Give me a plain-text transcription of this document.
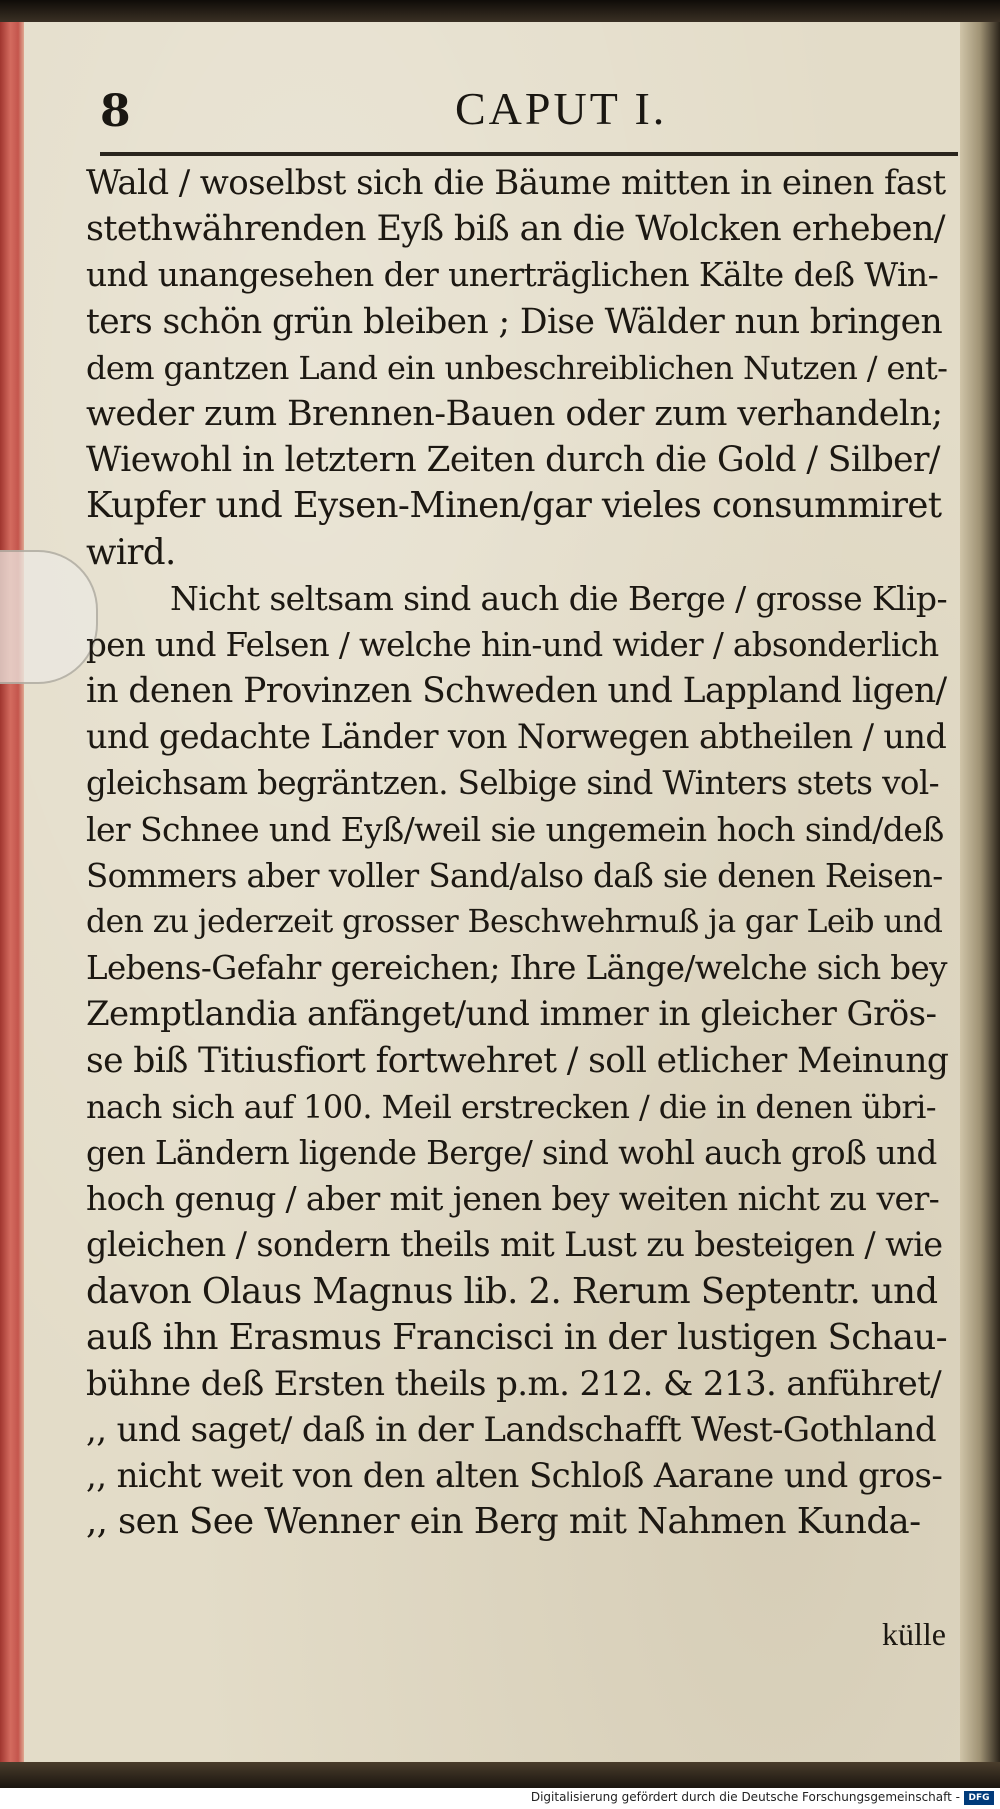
8	CAPUT I.
Wald / woselbst sich die Bäume mitten in einen fast
stethwährenden Eyß biß an die Wolcken erheben/
und unangesehen der unerträglichen Kälte deß Win-
ters schön grün bleiben ; Dise Wälder nun bringen
dem gantzen Land ein unbeschreiblichen Nutzen / ent-
weder zum Brennen-Bauen oder zum verhandeln;
Wiewohl in letztern Zeiten durch die Gold / Silber/
Kupfer und Eysen-Minen/gar vieles consummiret
wird.
Nicht seltsam sind auch die Berge / grosse Klip-
pen und Felsen / welche hin-und wider / absonderlich
in denen Provinzen Schweden und Lappland ligen/
und gedachte Länder von Norwegen abtheilen / und
gleichsam begräntzen. Selbige sind Winters stets vol-
ler Schnee und Eyß/weil sie ungemein hoch sind/deß
Sommers aber voller Sand/also daß sie denen Reisen-
den zu jederzeit grosser Beschwehrnuß ja gar Leib und
Lebens-Gefahr gereichen; Ihre Länge/welche sich bey
Zemptlandia anfänget/und immer in gleicher Grös-
se biß Titiusfiort fortwehret / soll etlicher Meinung
nach sich auf 100. Meil erstrecken / die in denen übri-
gen Ländern ligende Berge/ sind wohl auch groß und
hoch genug / aber mit jenen bey weiten nicht zu ver-
gleichen / sondern theils mit Lust zu besteigen / wie
davon Olaus Magnus lib. 2. Rerum Septentr. und
auß ihn Erasmus Francisci in der lustigen Schau-
bühne deß Ersten theils p.m. 212. & 213. anführet/
,, und saget/ daß in der Landschafft West-Gothland
,, nicht weit von den alten Schloß Aarane und gros-
,, sen See Wenner ein Berg mit Nahmen Kunda-
külle
Digitalisierung gefördert durch die Deutsche Forschungsgemeinschaft - DFG
